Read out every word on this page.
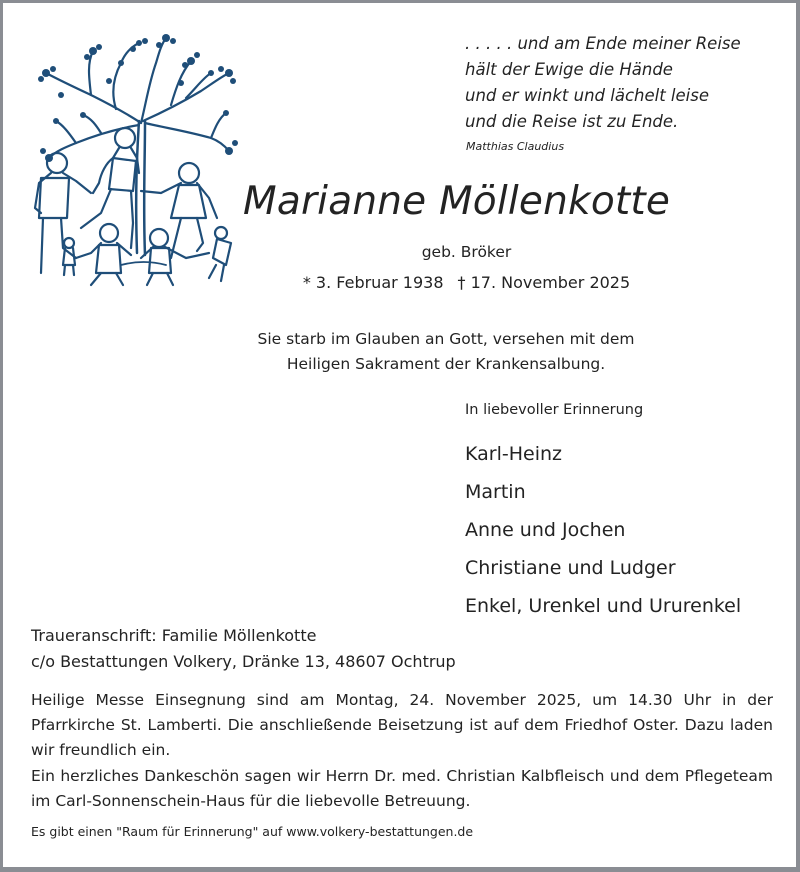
. . . . . und am Ende meiner Reise
hält der Ewige die Hände
und er winkt und lächelt leise
und die Reise ist zu Ende.
Matthias Claudius
Marianne Möllenkotte
geb. Bröker
* 3. Februar 1938 † 17. November 2025
Sie starb im Glauben an Gott, versehen mit dem
Heiligen Sakrament der Krankensalbung.
In liebevoller Erinnerung
Karl-Heinz
Martin
Anne und Jochen
Christiane und Ludger
Enkel, Urenkel und Ururenkel
Traueranschrift: Familie Möllenkotte
c/o Bestattungen Volkery, Dränke 13, 48607 Ochtrup

Heilige Messe Einsegnung sind am Montag, 24. November 2025, um 14.30 Uhr in der Pfarrkirche St. Lamberti. Die anschließende Beisetzung ist auf dem Friedhof Oster. Dazu laden wir freundlich ein.

Ein herzliches Dankeschön sagen wir Herrn Dr. med. Christian Kalbfleisch und dem Pflegeteam im Carl-Sonnenschein-Haus für die liebevolle Betreuung.

Es gibt einen "Raum für Erinnerung" auf www.volkery-bestattungen.de
